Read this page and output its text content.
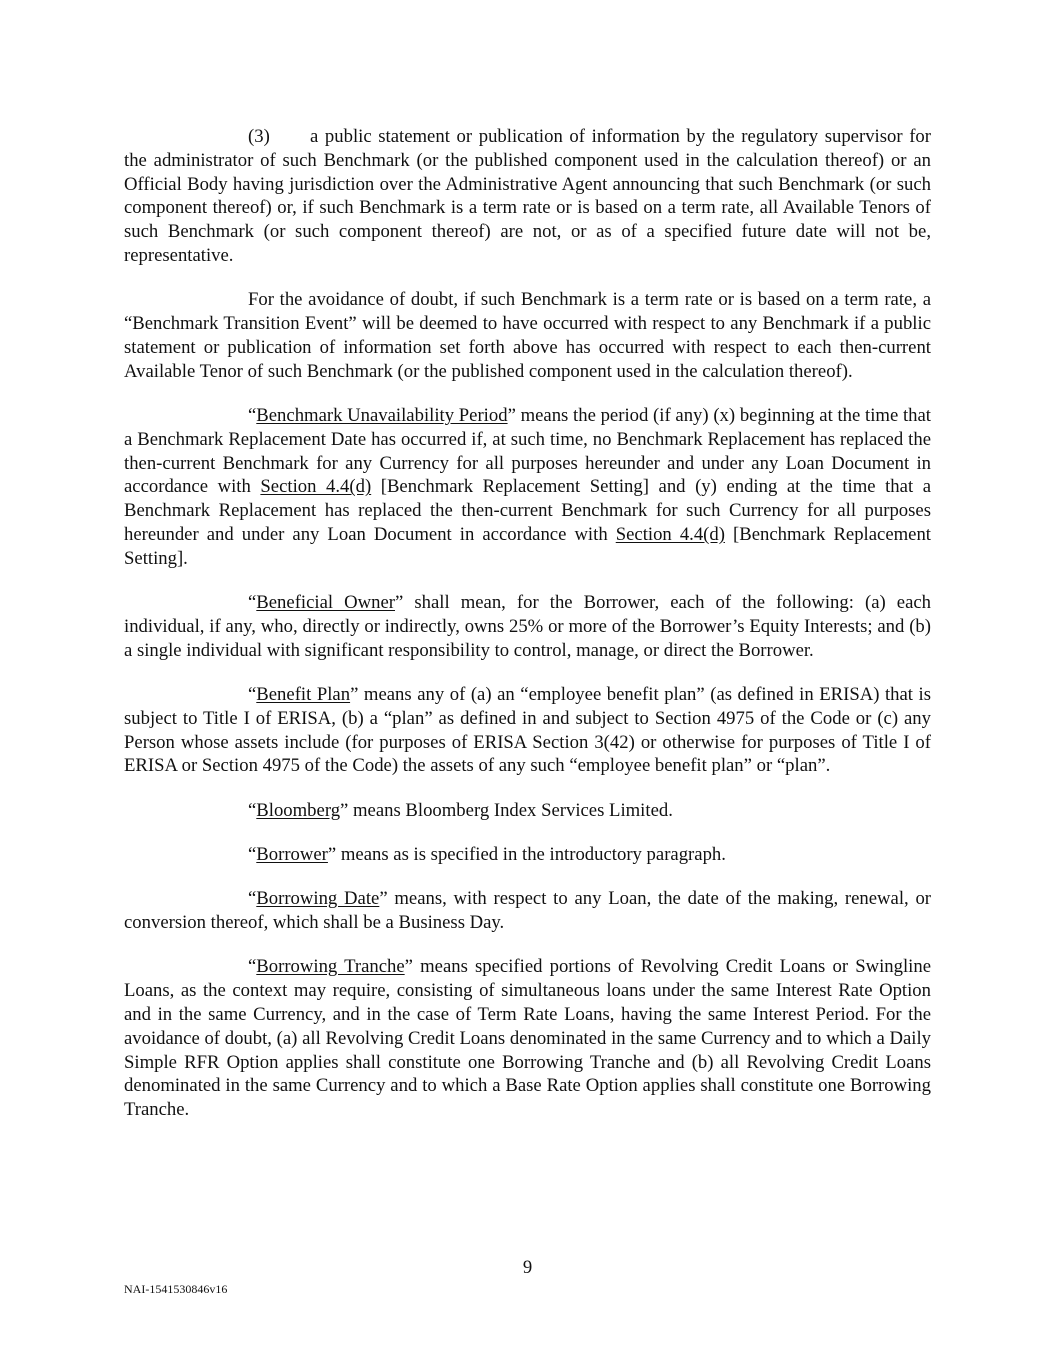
(3) a public statement or publication of information by the regulatory supervisor for the administrator of such Benchmark (or the published component used in the calculation thereof) or an Official Body having jurisdiction over the Administrative Agent announcing that such Benchmark (or such component thereof) or, if such Benchmark is a term rate or is based on a term rate, all Available Tenors of such Benchmark (or such component thereof) are not, or as of a specified future date will not be, representative.

For the avoidance of doubt, if such Benchmark is a term rate or is based on a term rate, a “Benchmark Transition Event” will be deemed to have occurred with respect to any Benchmark if a public statement or publication of information set forth above has occurred with respect to each then-current Available Tenor of such Benchmark (or the published component used in the calculation thereof).

“Benchmark Unavailability Period” means the period (if any) (x) beginning at the time that a Benchmark Replacement Date has occurred if, at such time, no Benchmark Replacement has replaced the then-current Benchmark for any Currency for all purposes hereunder and under any Loan Document in accordance with Section 4.4(d) [Benchmark Replacement Setting] and (y) ending at the time that a Benchmark Replacement has replaced the then-current Benchmark for such Currency for all purposes hereunder and under any Loan Document in accordance with Section 4.4(d) [Benchmark Replacement Setting].

“Beneficial Owner” shall mean, for the Borrower, each of the following: (a) each individual, if any, who, directly or indirectly, owns 25% or more of the Borrower’s Equity Interests; and (b) a single individual with significant responsibility to control, manage, or direct the Borrower.

“Benefit Plan” means any of (a) an “employee benefit plan” (as defined in ERISA) that is subject to Title I of ERISA, (b) a “plan” as defined in and subject to Section 4975 of the Code or (c) any Person whose assets include (for purposes of ERISA Section 3(42) or otherwise for purposes of Title I of ERISA or Section 4975 of the Code) the assets of any such “employee benefit plan” or “plan”.

“Bloomberg” means Bloomberg Index Services Limited.

“Borrower” means as is specified in the introductory paragraph.

“Borrowing Date” means, with respect to any Loan, the date of the making, renewal, or conversion thereof, which shall be a Business Day.

“Borrowing Tranche” means specified portions of Revolving Credit Loans or Swingline Loans, as the context may require, consisting of simultaneous loans under the same Interest Rate Option and in the same Currency, and in the case of Term Rate Loans, having the same Interest Period. For the avoidance of doubt, (a) all Revolving Credit Loans denominated in the same Currency and to which a Daily Simple RFR Option applies shall constitute one Borrowing Tranche and (b) all Revolving Credit Loans denominated in the same Currency and to which a Base Rate Option applies shall constitute one Borrowing Tranche.

9
NAI-1541530846v16
